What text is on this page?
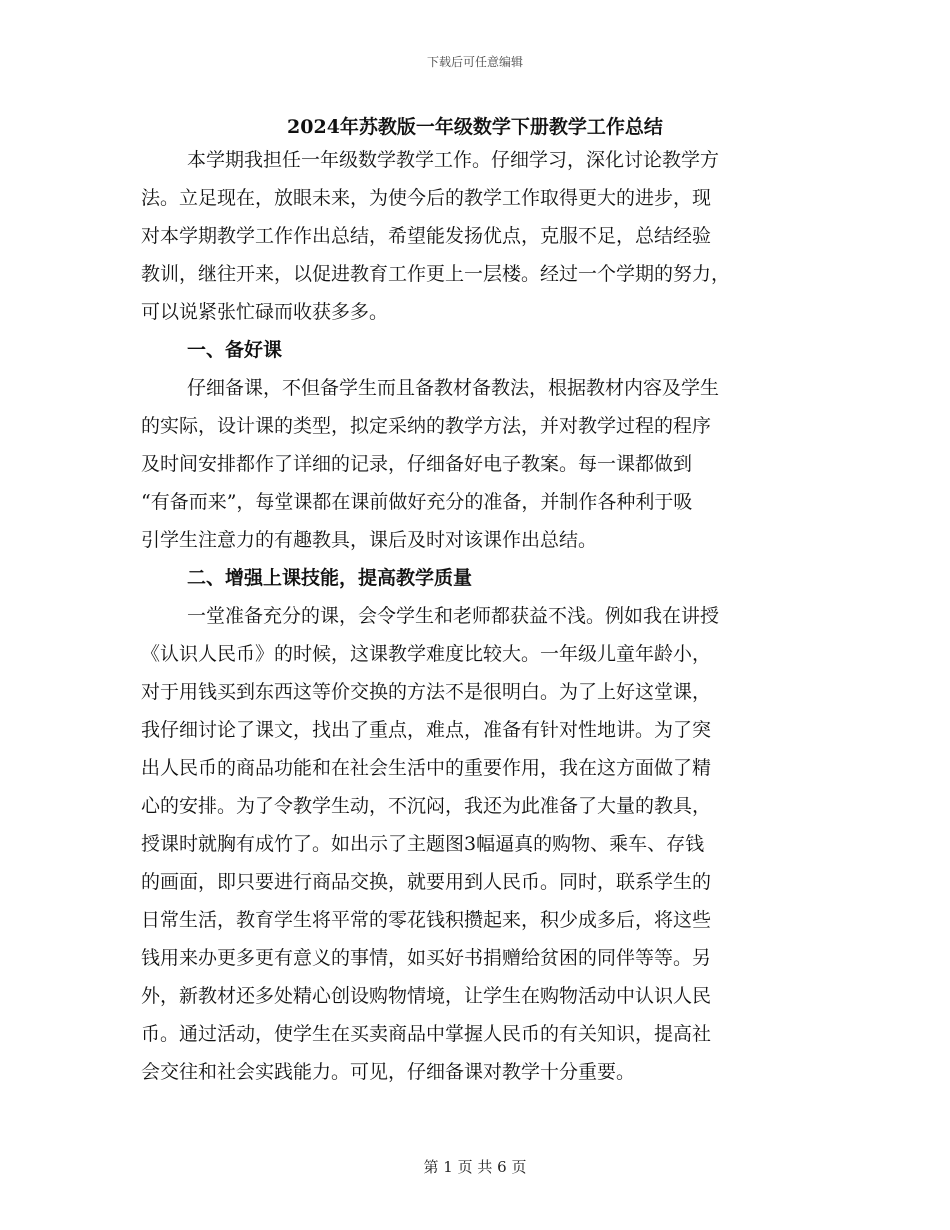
下载后可任意编辑
2024年苏教版一年级数学下册教学工作总结
本学期我担任一年级数学教学工作。仔细学习，深化讨论教学方
法。立足现在，放眼未来，为使今后的教学工作取得更大的进步，现
对本学期教学工作作出总结，希望能发扬优点，克服不足，总结经验
教训，继往开来，以促进教育工作更上一层楼。经过一个学期的努力，
可以说紧张忙碌而收获多多。
一、备好课
仔细备课，不但备学生而且备教材备教法，根据教材内容及学生
的实际，设计课的类型，拟定采纳的教学方法，并对教学过程的程序
及时间安排都作了详细的记录，仔细备好电子教案。每一课都做到
“有备而来”，每堂课都在课前做好充分的准备，并制作各种利于吸
引学生注意力的有趣教具，课后及时对该课作出总结。
二、增强上课技能，提高教学质量
一堂准备充分的课，会令学生和老师都获益不浅。例如我在讲授
《认识人民币》的时候，这课教学难度比较大。一年级儿童年龄小，
对于用钱买到东西这等价交换的方法不是很明白。为了上好这堂课，
我仔细讨论了课文，找出了重点，难点，准备有针对性地讲。为了突
出人民币的商品功能和在社会生活中的重要作用，我在这方面做了精
心的安排。为了令教学生动，不沉闷，我还为此准备了大量的教具，
授课时就胸有成竹了。如出示了主题图3幅逼真的购物、乘车、存钱
的画面，即只要进行商品交换，就要用到人民币。同时，联系学生的
日常生活，教育学生将平常的零花钱积攒起来，积少成多后，将这些
钱用来办更多更有意义的事情，如买好书捐赠给贫困的同伴等等。另
外，新教材还多处精心创设购物情境，让学生在购物活动中认识人民
币。通过活动，使学生在买卖商品中掌握人民币的有关知识，提高社
会交往和社会实践能力。可见，仔细备课对教学十分重要。
第 1 页 共 6 页
